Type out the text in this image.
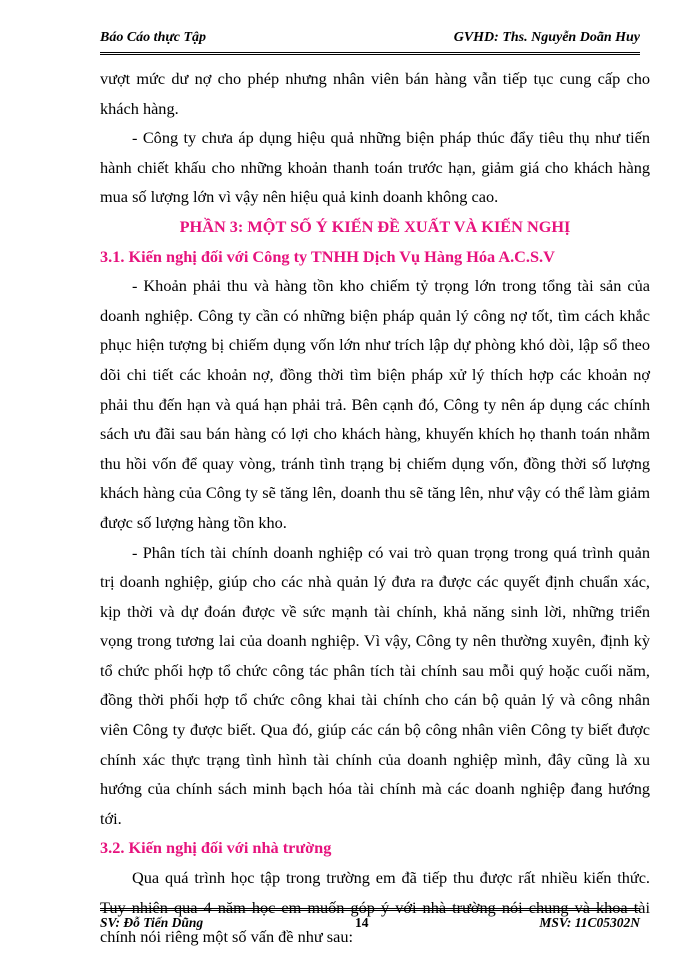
Báo Cáo thực Tập	GVHD: Ths. Nguyễn Doãn Huy

vượt mức dư nợ cho phép nhưng nhân viên bán hàng vẫn tiếp tục cung cấp cho khách hàng.

- Công ty chưa áp dụng hiệu quả những biện pháp thúc đẩy tiêu thụ như tiến hành chiết khấu cho những khoản thanh toán trước hạn, giảm giá cho khách hàng mua số lượng lớn vì vậy nên hiệu quả kinh doanh không cao.

PHẦN 3: MỘT SỐ Ý KIẾN ĐỀ XUẤT VÀ KIẾN NGHỊ

3.1. Kiến nghị đối với Công ty TNHH Dịch Vụ Hàng Hóa A.C.S.V

- Khoản phải thu và hàng tồn kho chiếm tỷ trọng lớn trong tổng tài sản của doanh nghiệp. Công ty cần có những biện pháp quản lý công nợ tốt, tìm cách khắc phục hiện tượng bị chiếm dụng vốn lớn như trích lập dự phòng khó dòi, lập sổ theo dõi chi tiết các khoản nợ, đồng thời tìm biện pháp xử lý thích hợp các khoản nợ phải thu đến hạn và quá hạn phải trả. Bên cạnh đó, Công ty nên áp dụng các chính sách ưu đãi sau bán hàng có lợi cho khách hàng, khuyến khích họ thanh toán nhằm thu hồi vốn để quay vòng, tránh tình trạng bị chiếm dụng vốn, đồng thời số lượng khách hàng của Công ty sẽ tăng lên, doanh thu sẽ tăng lên, như vậy có thể làm giảm được số lượng hàng tồn kho.

- Phân tích tài chính doanh nghiệp có vai trò quan trọng trong quá trình quản trị doanh nghiệp, giúp cho các nhà quản lý đưa ra được các quyết định chuẩn xác, kịp thời và dự đoán được về sức mạnh tài chính, khả năng sinh lời, những triển vọng trong tương lai của doanh nghiệp. Vì vậy, Công ty nên thường xuyên, định kỳ tổ chức phối hợp tổ chức công tác phân tích tài chính sau mỗi quý hoặc cuối năm, đồng thời phối hợp tổ chức công khai tài chính cho cán bộ quản lý và công nhân viên Công ty được biết. Qua đó, giúp các cán bộ công nhân viên Công ty biết được chính xác thực trạng tình hình tài chính của doanh nghiệp mình, đây cũng là xu hướng của chính sách minh bạch hóa tài chính mà các doanh nghiệp đang hướng tới.

3.2. Kiến nghị đối với nhà trường

Qua quá trình học tập trong trường em đã tiếp thu được rất nhiều kiến thức. Tuy nhiên qua 4 năm học em muốn góp ý với nhà trường nói chung và khoa tài chính nói riêng một số vấn đề như sau:

SV: Đỗ Tiến Dũng	14	MSV: 11C05302N
